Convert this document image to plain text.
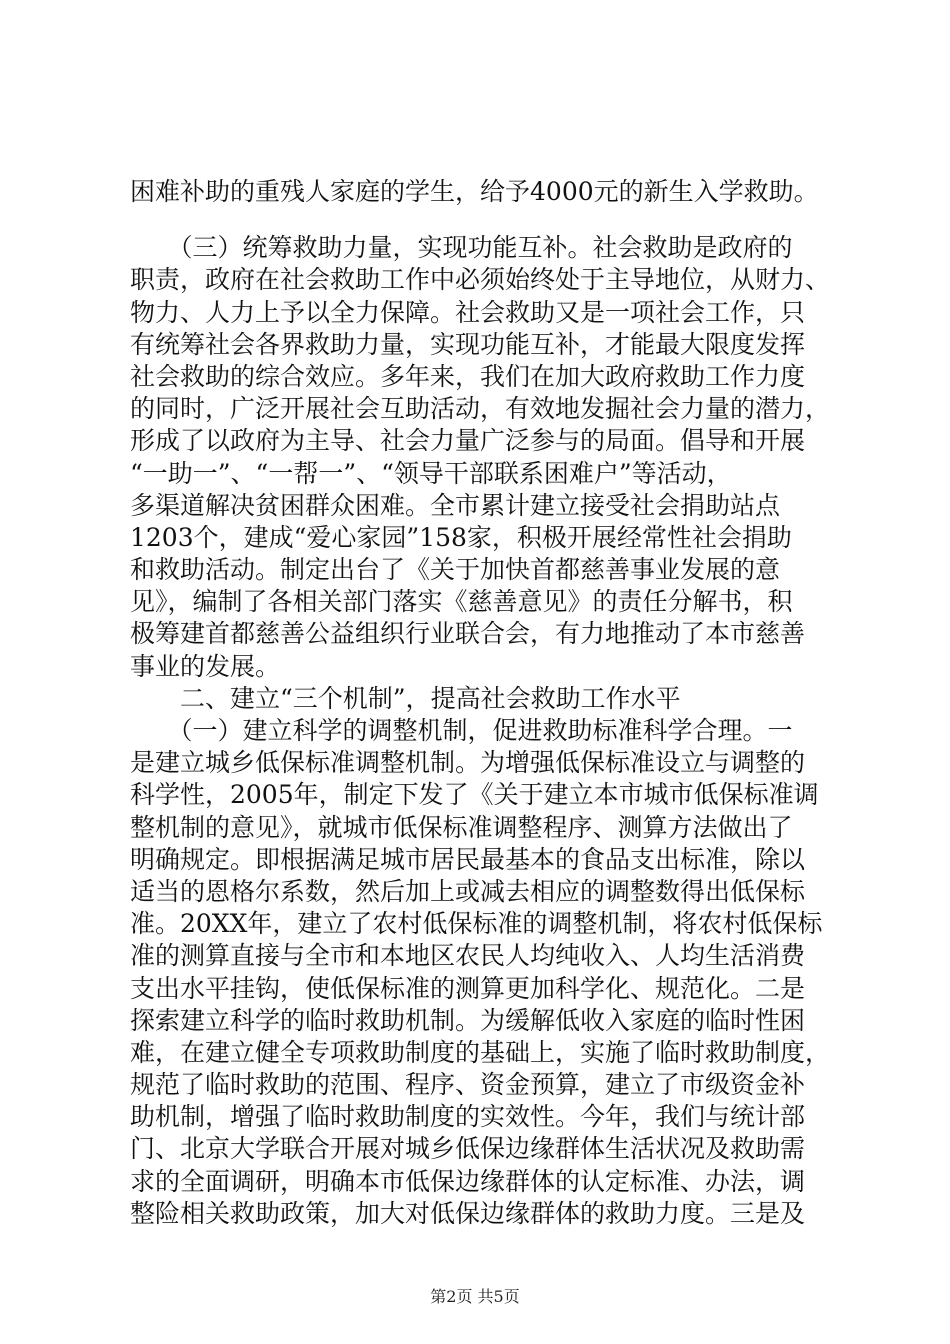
困难补助的重残人家庭的学生，给予4000元的新生入学救助。
　　（三）统筹救助力量，实现功能互补。社会救助是政府的
职责，政府在社会救助工作中必须始终处于主导地位，从财力、
物力、人力上予以全力保障。社会救助又是一项社会工作，只
有统筹社会各界救助力量，实现功能互补，才能最大限度发挥
社会救助的综合效应。多年来，我们在加大政府救助工作力度
的同时，广泛开展社会互助活动，有效地发掘社会力量的潜力，
形成了以政府为主导、社会力量广泛参与的局面。倡导和开展
“一助一”、“一帮一”、“领导干部联系困难户”等活动，
多渠道解决贫困群众困难。全市累计建立接受社会捐助站点
1203个，建成“爱心家园”158家，积极开展经常性社会捐助
和救助活动。制定出台了《关于加快首都慈善事业发展的意
见》，编制了各相关部门落实《慈善意见》的责任分解书，积
极筹建首都慈善公益组织行业联合会，有力地推动了本市慈善
事业的发展。
　　二、建立“三个机制”，提高社会救助工作水平
　　（一）建立科学的调整机制，促进救助标准科学合理。一
是建立城乡低保标准调整机制。为增强低保标准设立与调整的
科学性，2005年，制定下发了《关于建立本市城市低保标准调
整机制的意见》，就城市低保标准调整程序、测算方法做出了
明确规定。即根据满足城市居民最基本的食品支出标准，除以
适当的恩格尔系数，然后加上或减去相应的调整数得出低保标
准。20XX年，建立了农村低保标准的调整机制，将农村低保标
准的测算直接与全市和本地区农民人均纯收入、人均生活消费
支出水平挂钩，使低保标准的测算更加科学化、规范化。二是
探索建立科学的临时救助机制。为缓解低收入家庭的临时性困
难，在建立健全专项救助制度的基础上，实施了临时救助制度，
规范了临时救助的范围、程序、资金预算，建立了市级资金补
助机制，增强了临时救助制度的实效性。今年，我们与统计部
门、北京大学联合开展对城乡低保边缘群体生活状况及救助需
求的全面调研，明确本市低保边缘群体的认定标准、办法，调
整险相关救助政策，加大对低保边缘群体的救助力度。三是及
第2页 共5页
